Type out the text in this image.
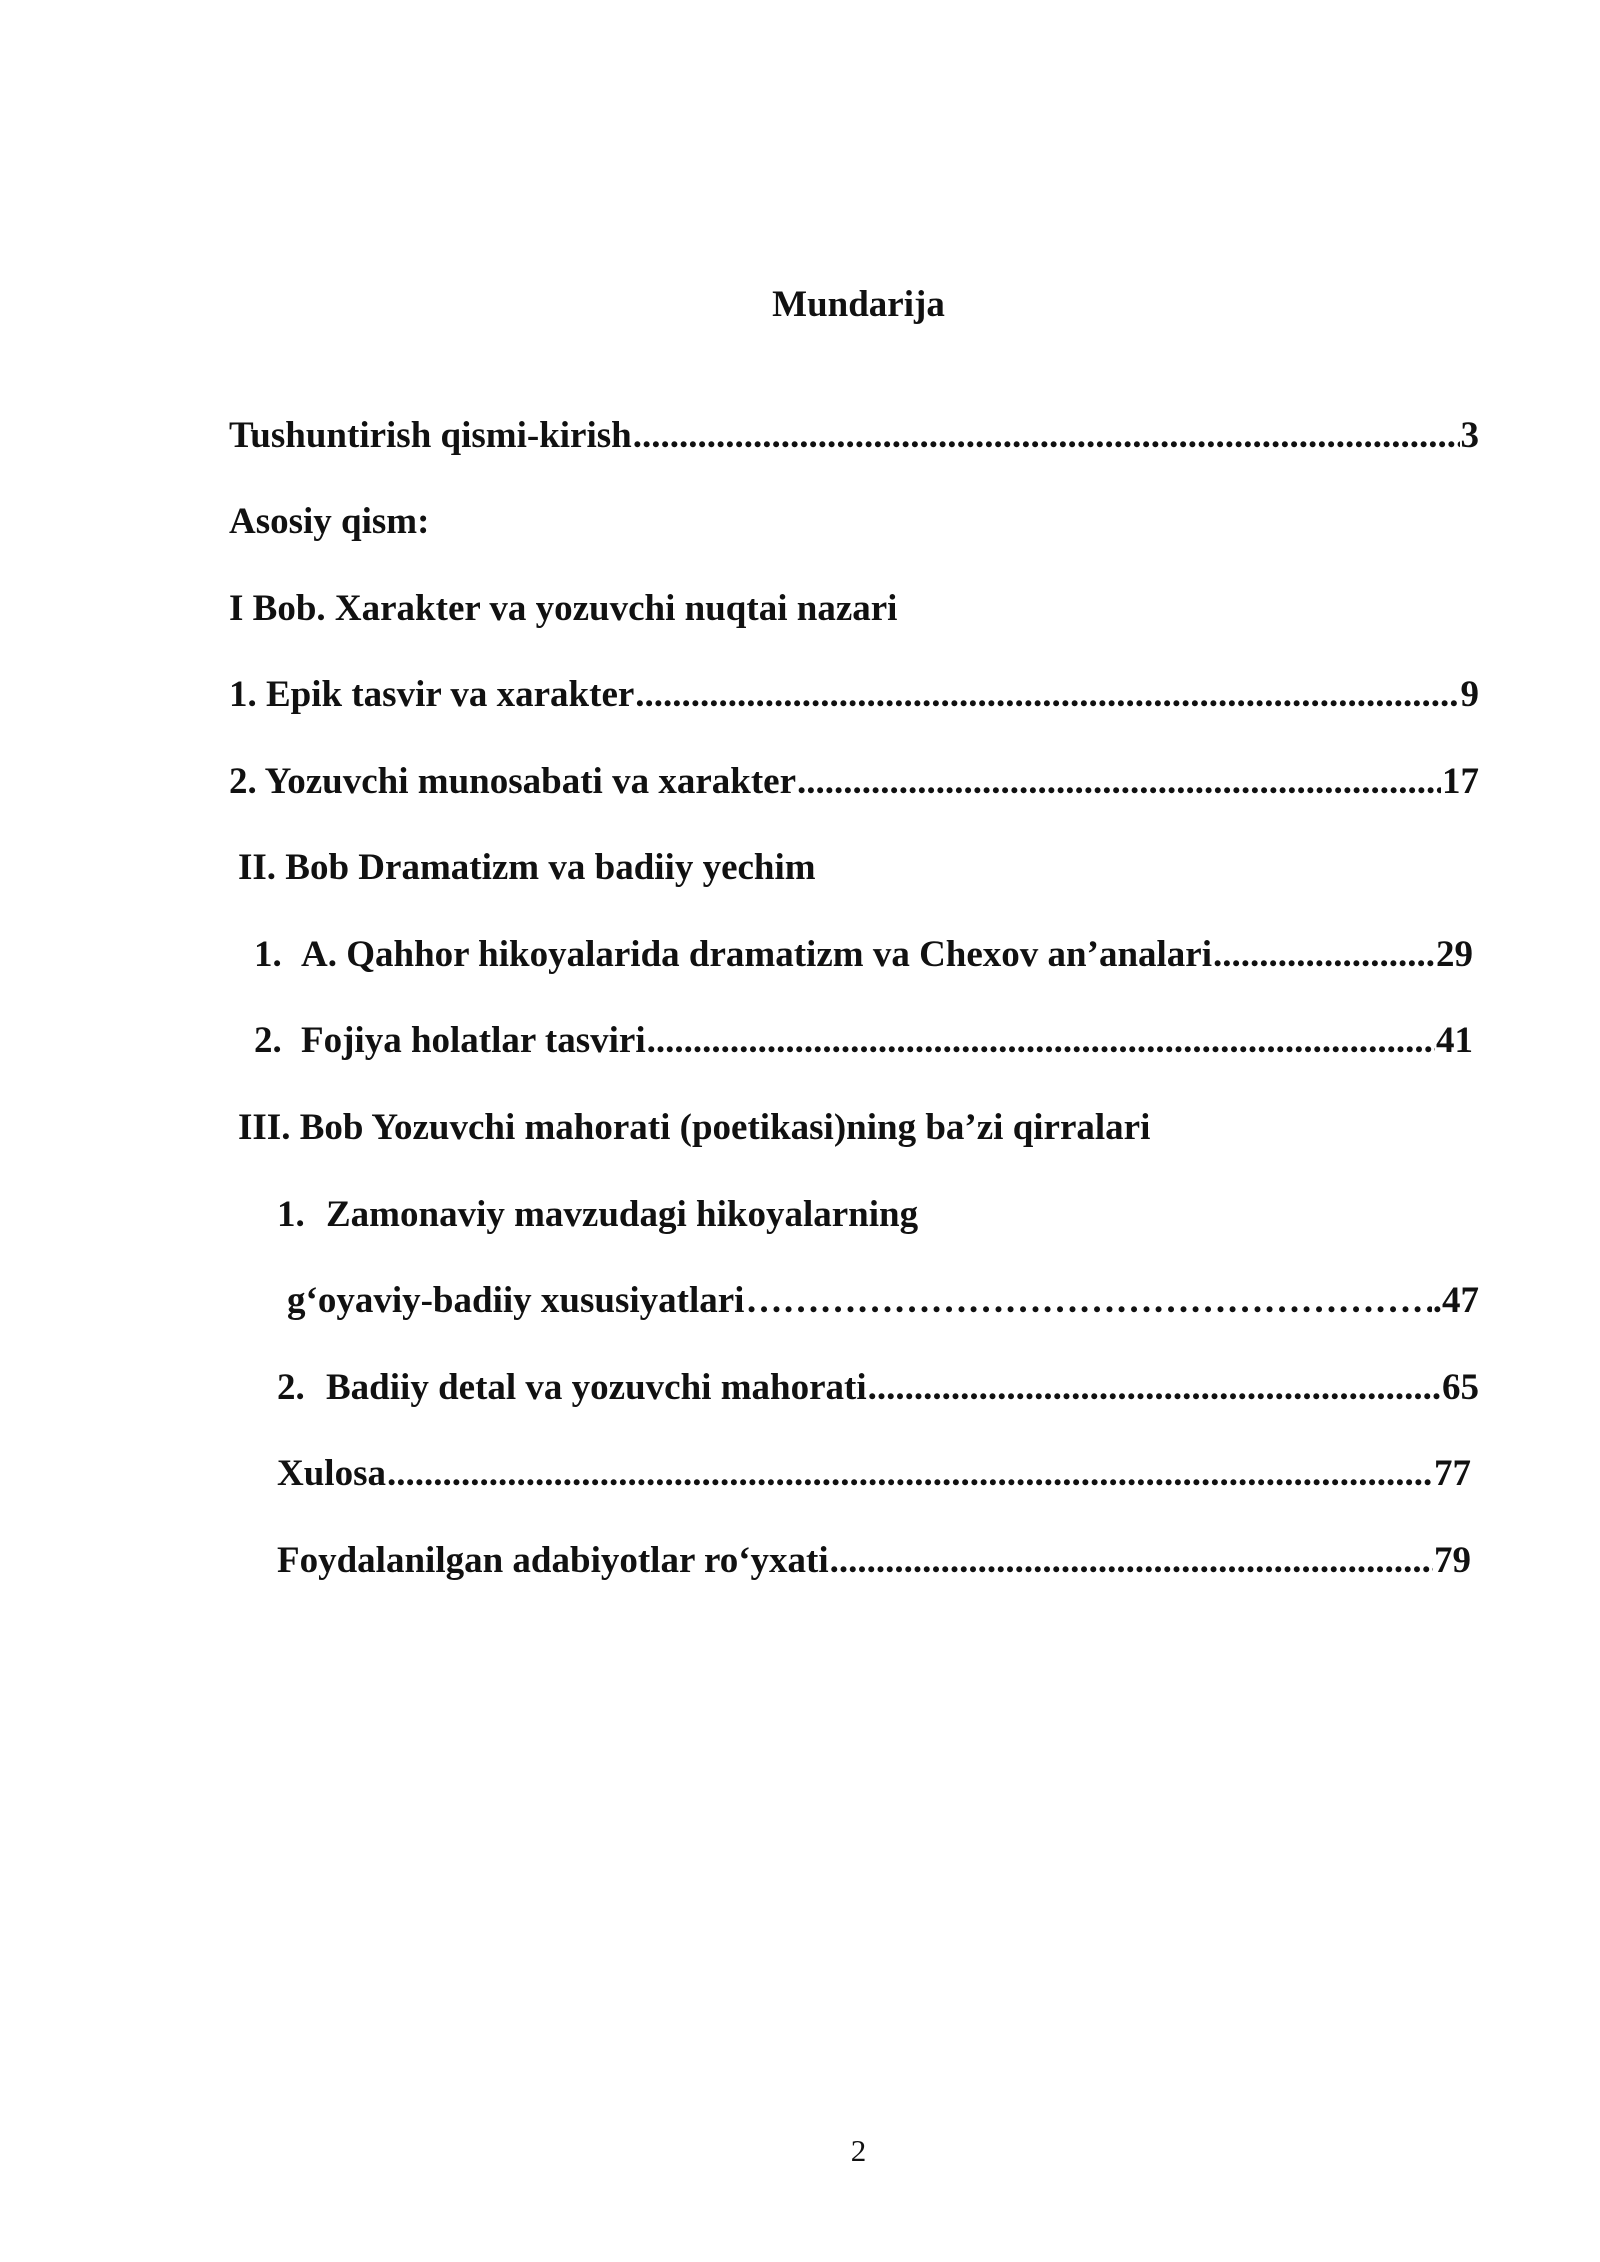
Mundarija
Tushuntirish qismi-kirish .....	3
Asosiy qism:
I Bob. Xarakter va yozuvchi nuqtai nazari
1. Epik tasvir va xarakter .....	9
2. Yozuvchi munosabati va xarakter .....	17
II. Bob Dramatizm va badiiy yechim
1. A. Qahhor hikoyalarida dramatizm va Chexov an’analari .....	29
2. Fojiya holatlar tasviri .....	41
III. Bob Yozuvchi mahorati (poetikasi)ning ba’zi qirralari
1. Zamonaviy mavzudagi hikoyalarning
g‘oyaviy-badiiy xususiyatlari …………………………………………………………………………………………………………………………………………………………………………………	.47
2. Badiiy detal va yozuvchi mahorati .....	65
Xulosa .....	77
Foydalanilgan adabiyotlar ro‘yxati .....	79
2
